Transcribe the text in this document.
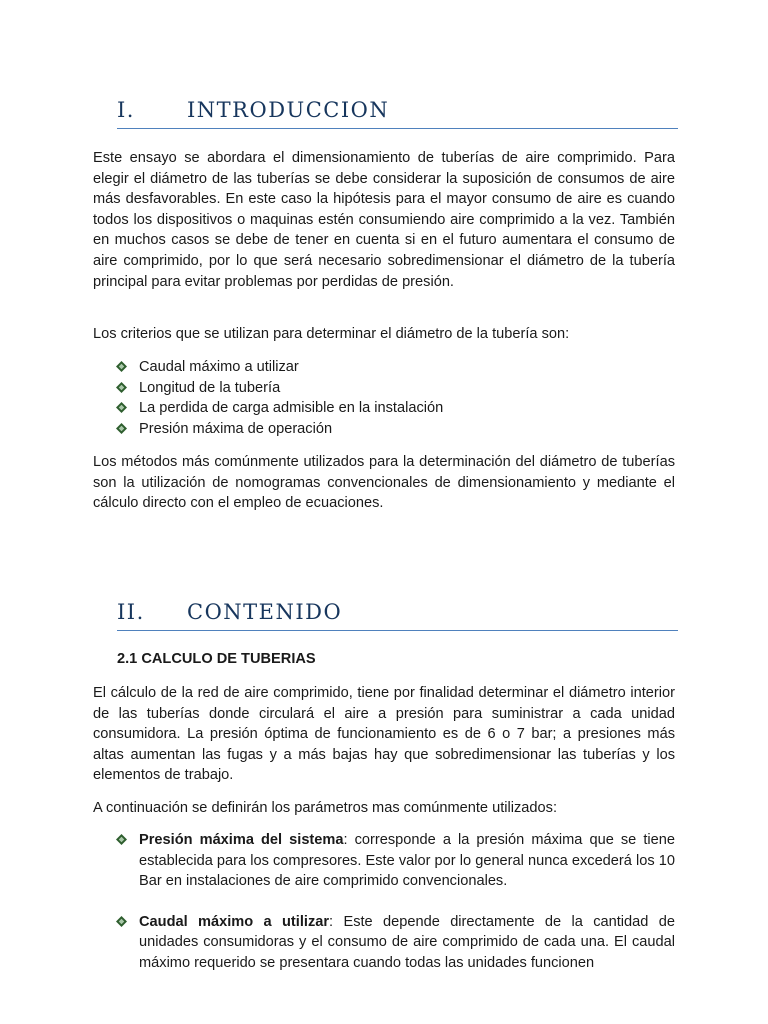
I. INTRODUCCION

Este ensayo se abordara el dimensionamiento de tuberías de aire comprimido. Para elegir el diámetro de las tuberías se debe considerar la suposición de consumos de aire más desfavorables. En este caso la hipótesis para el mayor consumo de aire es cuando todos los dispositivos o maquinas estén consumiendo aire comprimido a la vez. También en muchos casos se debe de tener en cuenta si en el futuro aumentara el consumo de aire comprimido, por lo que será necesario sobredimensionar el diámetro de la tubería principal para evitar problemas por perdidas de presión.

Los criterios que se utilizan para determinar el diámetro de la tubería son:

Caudal máximo a utilizar
Longitud de la tubería
La perdida de carga admisible en la instalación
Presión máxima de operación

Los métodos más comúnmente utilizados para la determinación del diámetro de tuberías son la utilización de nomogramas convencionales de dimensionamiento y mediante el cálculo directo con el empleo de ecuaciones.

II. CONTENIDO
2.1 CALCULO DE TUBERIAS

El cálculo de la red de aire comprimido, tiene por finalidad determinar el diámetro interior de las tuberías donde circulará el aire a presión para suministrar a cada unidad consumidora. La presión óptima de funcionamiento es de 6 o 7 bar; a presiones más altas aumentan las fugas y a más bajas hay que sobredimensionar las tuberías y los elementos de trabajo.

A continuación se definirán los parámetros mas comúnmente utilizados:

Presión máxima del sistema: corresponde a la presión máxima que se tiene establecida para los compresores. Este valor por lo general nunca excederá los 10 Bar en instalaciones de aire comprimido convencionales.
Caudal máximo a utilizar: Este depende directamente de la cantidad de unidades consumidoras y el consumo de aire comprimido de cada una. El caudal máximo requerido se presentara cuando todas las unidades funcionen
